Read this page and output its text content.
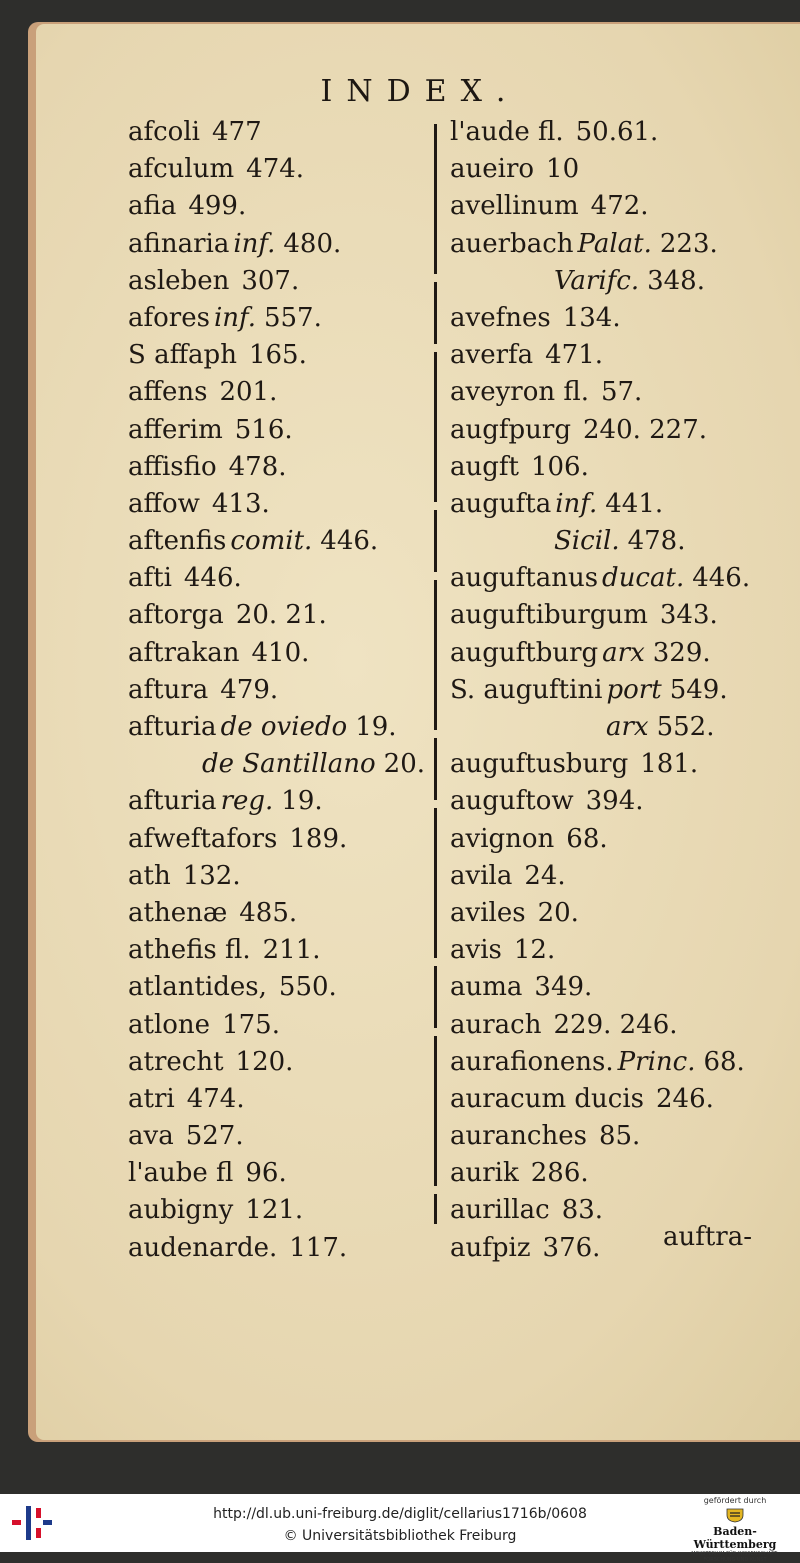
INDEX.
afcoli 477
afculum 474.
afia 499.
afinaria inf. 480.
asleben 307.
afores inf. 557.
S affaph 165.
affens 201.
afferim 516.
affisfio 478.
affow 413.
aftenfis comit. 446.
afti 446.
aftorga 20. 21.
aftrakan 410.
aftura 479.
afturia de oviedo 19.
de Santillano 20.
afturia reg. 19.
afweftafors 189.
ath 132.
athenæ 485.
athefis fl. 211.
atlantides, 550.
atlone 175.
atrecht 120.
atri 474.
ava 527.
l'aube fl 96.
aubigny 121.
audenarde. 117.
l'aude fl. 50.61.
aueiro 10
avellinum 472.
auerbach Palat. 223.
Varifc. 348.
avefnes 134.
averfa 471.
aveyron fl. 57.
augfpurg 240. 227.
augft 106.
augufta inf. 441.
Sicil. 478.
auguftanus ducat. 446.
auguftiburgum 343.
auguftburg arx 329.
S. auguftini port 549.
arx 552.
auguftusburg 181.
auguftow 394.
avignon 68.
avila 24.
aviles 20.
avis 12.
auma 349.
aurach 229. 246.
aurafionens. Princ. 68.
auracum ducis 246.
auranches 85.
aurik 286.
aurillac 83.
aufpiz 376.	auftra-
http://dl.ub.uni-freiburg.de/diglit/cellarius1716b/0608
© Universitätsbibliothek Freiburg
gefördert durch
Baden-Württemberg
MINISTERIUM FÜR WISSENSCHAFT, FORSCHUNG UND KUNST
